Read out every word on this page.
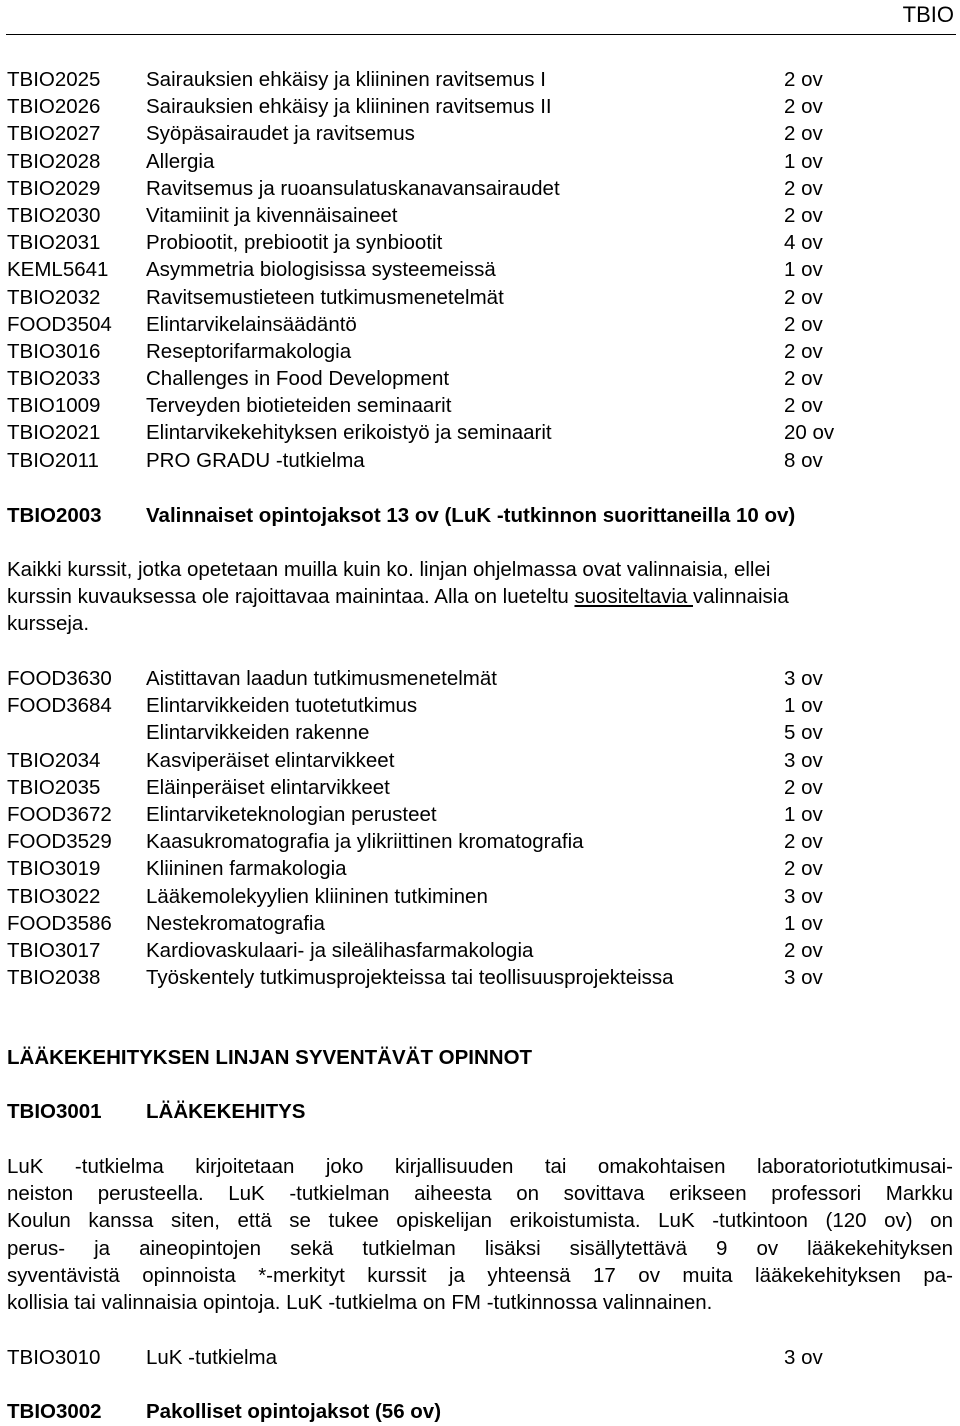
TBIO
TBIO2025 Sairauksien ehkäisy ja kliininen ravitsemus I	2 ov
TBIO2026 Sairauksien ehkäisy ja kliininen ravitsemus II	2 ov
TBIO2027 Syöpäsairaudet ja ravitsemus	2 ov
TBIO2028 Allergia	1 ov
TBIO2029 Ravitsemus ja ruoansulatuskanavansairaudet	2 ov
TBIO2030 Vitamiinit ja kivennäisaineet	2 ov
TBIO2031 Probiootit, prebiootit ja synbiootit	4 ov
KEML5641 Asymmetria biologisissa systeemeissä	1 ov
TBIO2032 Ravitsemustieteen tutkimusmenetelmät	2 ov
FOOD3504 Elintarvikelainsäädäntö	2 ov
TBIO3016 Reseptorifarmakologia	2 ov
TBIO2033 Challenges in Food Development	2 ov
TBIO1009 Terveyden biotieteiden seminaarit	2 ov
TBIO2021 Elintarvikekehityksen erikoistyö ja seminaarit	20 ov
TBIO2011 PRO GRADU -tutkielma	8 ov
TBIO2003 Valinnaiset opintojaksot 13 ov (LuK -tutkinnon suorittaneilla 10 ov)
Kaikki kurssit, jotka opetetaan muilla kuin ko. linjan ohjelmassa ovat valinnaisia, ellei
kurssin kuvauksessa ole rajoittavaa mainintaa. Alla on lueteltu suositeltavia valinnaisia
kursseja.
FOOD3630 Aistittavan laadun tutkimusmenetelmät	3 ov
FOOD3684 Elintarvikkeiden tuotetutkimus	1 ov
Elintarvikkeiden rakenne	5 ov
TBIO2034 Kasviperäiset elintarvikkeet	3 ov
TBIO2035 Eläinperäiset elintarvikkeet	2 ov
FOOD3672 Elintarviketeknologian perusteet	1 ov
FOOD3529 Kaasukromatografia ja ylikriittinen kromatografia	2 ov
TBIO3019 Kliininen farmakologia	2 ov
TBIO3022 Lääkemolekyylien kliininen tutkiminen	3 ov
FOOD3586 Nestekromatografia	1 ov
TBIO3017 Kardiovaskulaari- ja sileälihasfarmakologia	2 ov
TBIO2038 Työskentely tutkimusprojekteissa tai teollisuusprojekteissa	3 ov
LÄÄKEKEHITYKSEN LINJAN SYVENTÄVÄT OPINNOT
TBIO3001 LÄÄKEKEHITYS
LuK -tutkielma kirjoitetaan joko kirjallisuuden tai omakohtaisen laboratoriotutkimusai-
neiston perusteella. LuK -tutkielman aiheesta on sovittava erikseen professori Markku
Koulun kanssa siten, että se tukee opiskelijan erikoistumista. LuK -tutkintoon (120 ov) on
perus- ja aineopintojen sekä tutkielman lisäksi sisällytettävä 9 ov lääkekehityksen
syventävistä opinnoista *-merkityt kurssit ja yhteensä 17 ov muita lääkekehityksen pa-
kollisia tai valinnaisia opintoja. LuK -tutkielma on FM -tutkinnossa valinnainen.
TBIO3010 LuK -tutkielma	3 ov
TBIO3002 Pakolliset opintojaksot (56 ov)
